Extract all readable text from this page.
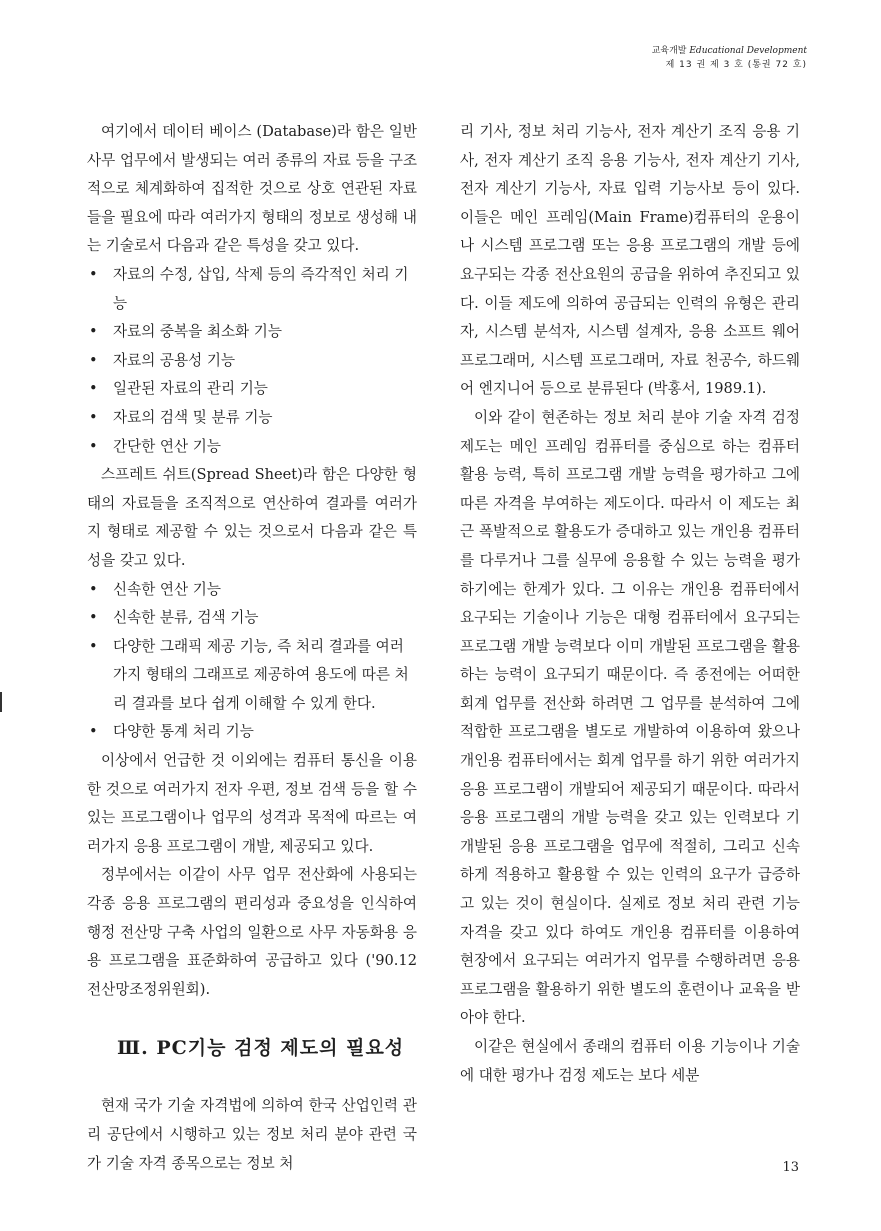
교육개발 Educational Development
제 13 권 제 3 호 (통권 72 호)

여기에서 데이터 베이스 (Database)라 함은 일반 사무 업무에서 발생되는 여러 종류의 자료 등을 구조적으로 체계화하여 집적한 것으로 상호 연관된 자료들을 필요에 따라 여러가지 형태의 정보로 생성해 내는 기술로서 다음과 같은 특성을 갖고 있다.

• 자료의 수정, 삽입, 삭제 등의 즉각적인 처리 기능
• 자료의 중복을 최소화 기능
• 자료의 공용성 기능
• 일관된 자료의 관리 기능
• 자료의 검색 및 분류 기능
• 간단한 연산 기능

스프레트 쉬트(Spread Sheet)라 함은 다양한 형태의 자료들을 조직적으로 연산하여 결과를 여러가지 형태로 제공할 수 있는 것으로서 다음과 같은 특성을 갖고 있다.

• 신속한 연산 기능
• 신속한 분류, 검색 기능
• 다양한 그래픽 제공 기능, 즉 처리 결과를 여러가지 형태의 그래프로 제공하여 용도에 따른 처리 결과를 보다 쉽게 이해할 수 있게 한다.
• 다양한 통계 처리 기능

이상에서 언급한 것 이외에는 컴퓨터 통신을 이용한 것으로 여러가지 전자 우편, 정보 검색 등을 할 수 있는 프로그램이나 업무의 성격과 목적에 따르는 여러가지 응용 프로그램이 개발, 제공되고 있다.

정부에서는 이같이 사무 업무 전산화에 사용되는 각종 응용 프로그램의 편리성과 중요성을 인식하여 행정 전산망 구축 사업의 일환으로 사무 자동화용 응용 프로그램을 표준화하여 공급하고 있다 ('90.12 전산망조정위원회).

Ⅲ. PC기능 검정 제도의 필요성

현재 국가 기술 자격법에 의하여 한국 산업인력 관리 공단에서 시행하고 있는 정보 처리 분야 관련 국가 기술 자격 종목으로는 정보 처

리 기사, 정보 처리 기능사, 전자 계산기 조직 응용 기사, 전자 계산기 조직 응용 기능사, 전자 계산기 기사, 전자 계산기 기능사, 자료 입력 기능사보 등이 있다. 이들은 메인 프레임(Main Frame)컴퓨터의 운용이나 시스템 프로그램 또는 응용 프로그램의 개발 등에 요구되는 각종 전산요원의 공급을 위하여 추진되고 있다. 이들 제도에 의하여 공급되는 인력의 유형은 관리자, 시스템 분석자, 시스템 설계자, 응용 소프트 웨어 프로그래머, 시스템 프로그래머, 자료 천공수, 하드웨어 엔지니어 등으로 분류된다 (박홍서, 1989.1).

이와 같이 현존하는 정보 처리 분야 기술 자격 검정 제도는 메인 프레임 컴퓨터를 중심으로 하는 컴퓨터 활용 능력, 특히 프로그램 개발 능력을 평가하고 그에 따른 자격을 부여하는 제도이다. 따라서 이 제도는 최근 폭발적으로 활용도가 증대하고 있는 개인용 컴퓨터를 다루거나 그를 실무에 응용할 수 있는 능력을 평가하기에는 한계가 있다. 그 이유는 개인용 컴퓨터에서 요구되는 기술이나 기능은 대형 컴퓨터에서 요구되는 프로그램 개발 능력보다 이미 개발된 프로그램을 활용하는 능력이 요구되기 때문이다. 즉 종전에는 어떠한 회계 업무를 전산화 하려면 그 업무를 분석하여 그에 적합한 프로그램을 별도로 개발하여 이용하여 왔으나 개인용 컴퓨터에서는 회계 업무를 하기 위한 여러가지 응용 프로그램이 개발되어 제공되기 때문이다. 따라서 응용 프로그램의 개발 능력을 갖고 있는 인력보다 기 개발된 응용 프로그램을 업무에 적절히, 그리고 신속하게 적용하고 활용할 수 있는 인력의 요구가 급증하고 있는 것이 현실이다. 실제로 정보 처리 관련 기능 자격을 갖고 있다 하여도 개인용 컴퓨터를 이용하여 현장에서 요구되는 여러가지 업무를 수행하려면 응용 프로그램을 활용하기 위한 별도의 훈련이나 교육을 받아야 한다.

이같은 현실에서 종래의 컴퓨터 이용 기능이나 기술에 대한 평가나 검정 제도는 보다 세분

13
